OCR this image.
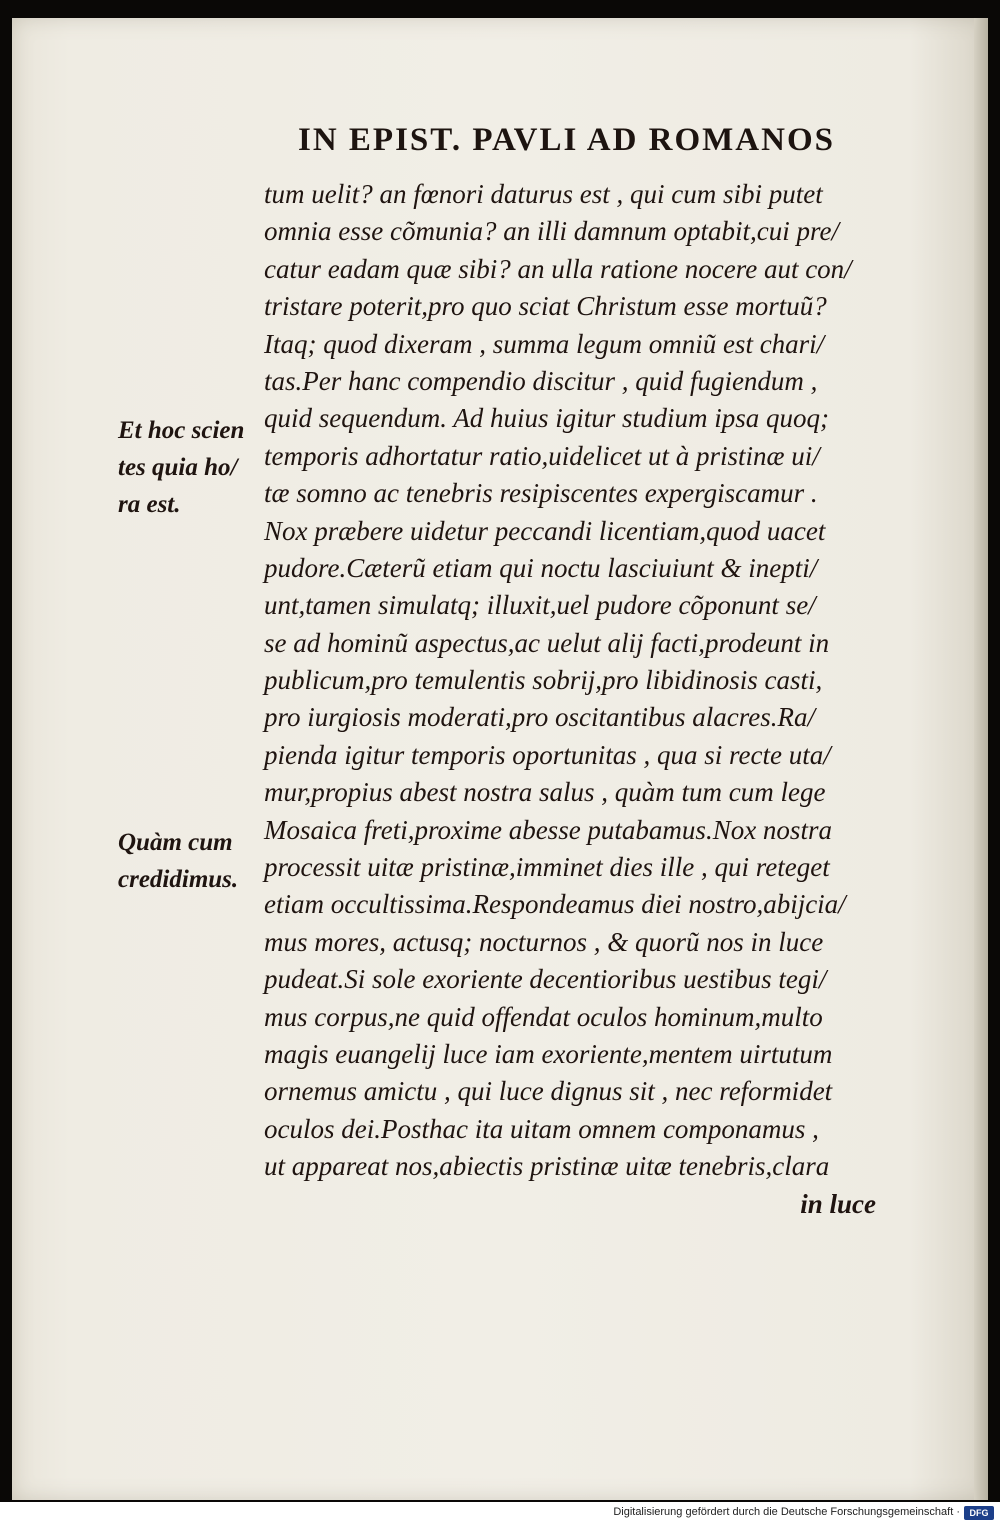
IN EPIST. PAVLI AD ROMANOS
Et hoc scien
tes quia ho/
ra est.
Quàm cum
credidimus.
tum uelit? an fœnori daturus est , qui cum sibi putet
omnia esse cõmunia? an illi damnum optabit,cui pre/
catur eadam quæ sibi? an ulla ratione nocere aut con/
tristare poterit,pro quo sciat Christum esse mortuũ?
Itaq; quod dixeram , summa legum omniũ est chari/
tas.Per hanc compendio discitur , quid fugiendum ,
quid sequendum. Ad huius igitur studium ipsa quoq;
temporis adhortatur ratio,uidelicet ut à pristinæ ui/
tæ somno ac tenebris resipiscentes expergiscamur .
Nox præbere uidetur peccandi licentiam,quod uacet
pudore.Cæterũ etiam qui noctu lasciuiunt & inepti/
unt,tamen simulatq; illuxit,uel pudore cõponunt se/
se ad hominũ aspectus,ac uelut alij facti,prodeunt in
publicum,pro temulentis sobrij,pro libidinosis casti,
pro iurgiosis moderati,pro oscitantibus alacres.Ra/
pienda igitur temporis oportunitas , qua si recte uta/
mur,propius abest nostra salus , quàm tum cum lege
Mosaica freti,proxime abesse putabamus.Nox nostra
processit uitæ pristinæ,imminet dies ille , qui reteget
etiam occultissima.Respondeamus diei nostro,abijcia/
mus mores, actusq; nocturnos , & quorũ nos in luce
pudeat.Si sole exoriente decentioribus uestibus tegi/
mus corpus,ne quid offendat oculos hominum,multo
magis euangelij luce iam exoriente,mentem uirtutum
ornemus amictu , qui luce dignus sit , nec reformidet
oculos dei.Posthac ita uitam omnem componamus ,
ut appareat nos,abiectis pristinæ uitæ tenebris,clara
in luce
Digitalisierung gefördert durch die Deutsche Forschungsgemeinschaft ·	DFG
